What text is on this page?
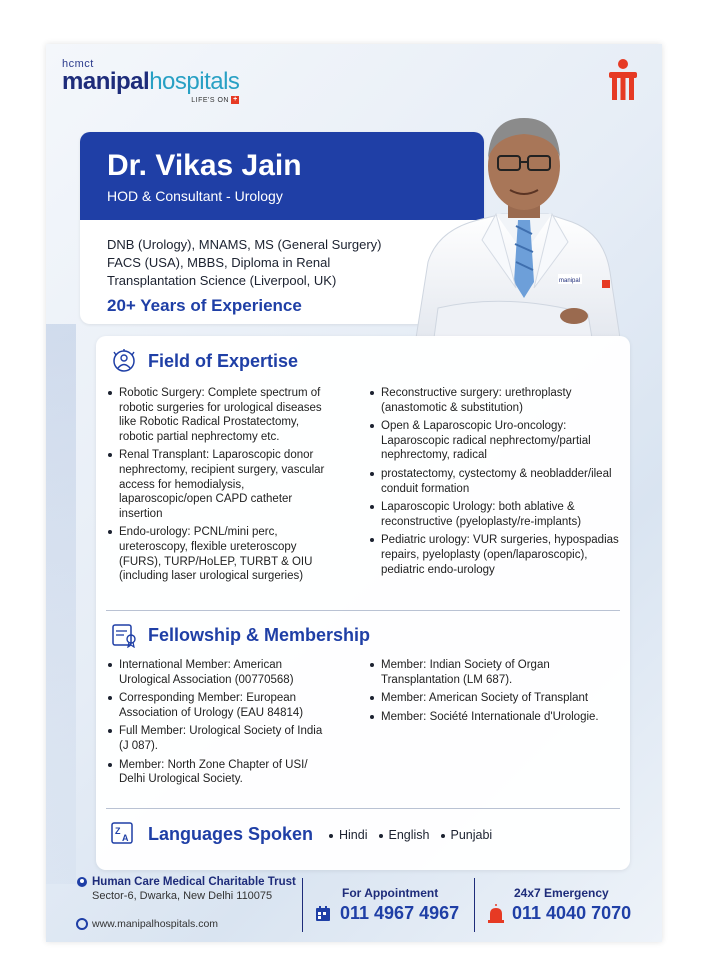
hcmct
manipalhospitals
LIFE'S ON +
Dr. Vikas Jain
HOD & Consultant - Urology
DNB (Urology), MNAMS, MS (General Surgery)
FACS (USA), MBBS, Diploma in Renal
Transplantation Science (Liverpool, UK)
20+ Years of Experience
manipal
Field of Expertise
Robotic Surgery: Complete spectrum of robotic surgeries for urological diseases like Robotic Radical Prostatectomy, robotic partial nephrectomy etc.
Renal Transplant: Laparoscopic donor nephrectomy, recipient surgery, vascular access for hemodialysis, laparoscopic/open CAPD catheter insertion
Endo-urology: PCNL/mini perc, ureteroscopy, flexible ureteroscopy (FURS), TURP/HoLEP, TURBT & OIU (including laser urological surgeries)
Reconstructive surgery: urethroplasty (anastomotic & substitution)
Open & Laparoscopic Uro-oncology: Laparoscopic radical nephrectomy/partial nephrectomy, radical
prostatectomy, cystectomy & neobladder/ileal conduit formation
Laparoscopic Urology: both ablative & reconstructive (pyeloplasty/re-implants)
Pediatric urology: VUR surgeries, hypospadias repairs, pyeloplasty (open/laparoscopic), pediatric endo-urology
Fellowship & Membership
International Member: American Urological Association (00770568)
Corresponding Member: European Association of Urology (EAU 84814)
Full Member: Urological Society of India (J 087).
Member: North Zone Chapter of USI/ Delhi Urological Society.
Member: Indian Society of Organ Transplantation (LM 687).
Member: American Society of Transplant
Member: Société Internationale d'Urologie.
Z
A Languages Spoken	Hindi	English	Punjabi
Human Care Medical Charitable Trust
Sector-6, Dwarka, New Delhi 110075
www.manipalhospitals.com
For Appointment
011 4967 4967
24x7 Emergency
011 4040 7070
